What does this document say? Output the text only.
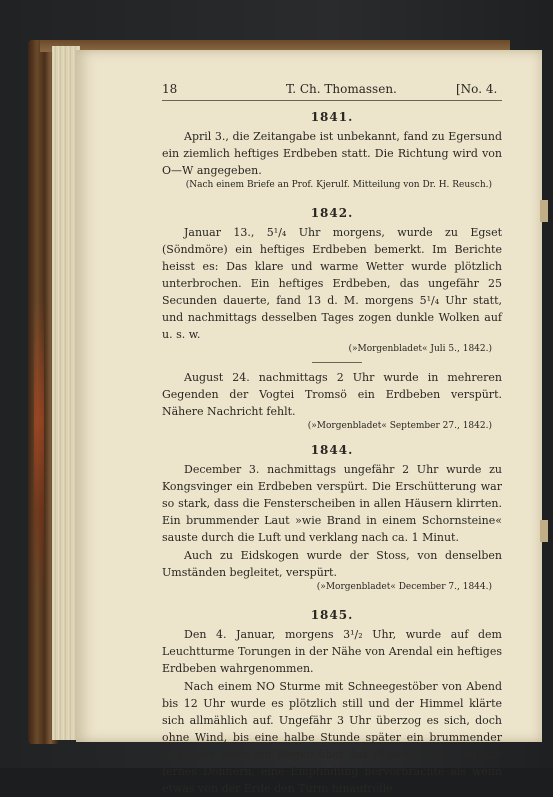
18	T. Ch. Thomassen.	[No. 4.
1841.

April 3., die Zeitangabe ist unbekannt, fand zu Egersund ein ziemlich heftiges Erdbeben statt. Die Richtung wird von O—W angegeben.

(Nach einem Briefe an Prof. Kjerulf. Mitteilung von Dr. H. Reusch.)
1842.

Januar 13., 5¹/₄ Uhr morgens, wurde zu Egset (Söndmöre) ein heftiges Erdbeben bemerkt. Im Berichte heisst es: Das klare und warme Wetter wurde plötzlich unterbrochen. Ein heftiges Erdbeben, das ungefähr 25 Secunden dauerte, fand 13 d. M. morgens 5¹/₄ Uhr statt, und nachmittags desselben Tages zogen dunkle Wolken auf u. s. w.

(»Morgenbladet« Juli 5., 1842.)

August 24. nachmittags 2 Uhr wurde in mehreren Gegenden der Vogtei Tromsö ein Erdbeben verspürt. Nähere Nachricht fehlt.

(»Morgenbladet« September 27., 1842.)
1844.

December 3. nachmittags ungefähr 2 Uhr wurde zu Kongsvinger ein Erdbeben verspürt. Die Erschütterung war so stark, dass die Fensterscheiben in allen Häusern klirrten. Ein brummender Laut »wie Brand in einem Schornsteine« sauste durch die Luft und verklang nach ca. 1 Minut.

Auch zu Eidskogen wurde der Stoss, von denselben Umständen begleitet, verspürt.

(»Morgenbladet« December 7., 1844.)
1845.

Den 4. Januar, morgens 3¹/₂ Uhr, wurde auf dem Leuchtturme Torungen in der Nähe von Arendal ein heftiges Erdbeben wahrgenommen.

Nach einem NO Sturme mit Schneegestöber von Abend bis 12 Uhr wurde es plötzlich still und der Himmel klärte sich allmählich auf. Ungefähr 3 Uhr überzog es sich, doch ohne Wind, bis eine halbe Stunde später ein brummender Laut, wie wenn ein Wagen über das Pflaster fährt oder wie fernes Donnern, eine Empfindung hervorbrachte als wenn etwas von der Erde den Turm hinaufrolle
